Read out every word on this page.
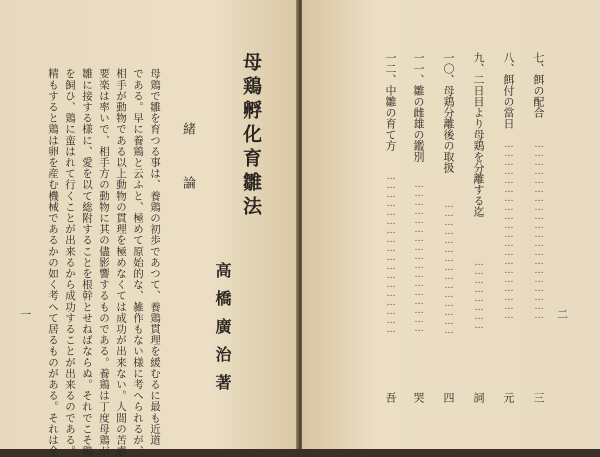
母鶏孵化育雛法
緒　論
高橋廣治著
母鶏で雛を育つる事は、養鶏の初歩であつて、養鶏貫理を緩むるに最も近道
である。早に養鶏と云ふと、極めて原始的な、雑作もない様に考へられるが、
相手が動物である以上動物の貫理を極めなくては成功が出来ない。人間の苦慮
要楽は率いで、相手方の動物に其の儘影響するものである。養鶏は丁度母鶏が
雛に接する様に、愛を以て総附することを根幹とせねばならぬ。それでこそ鶏
を飼ひ、鶏に蛮はれて行くことが出来るから成功することが出来るのである。
精もすると鶏は卵を産む機械であるかの如く考へて居るものがある。それは全
一	二
七、餌の配合
……………………………………………………
三
八、餌付の當日
……………………………………………………
元
九、二日目より母鶏を分離する迄
……………………
詞
一〇、母鶏分離後の取扱
………………………………………
四
一一、雛の雌雄の鑑別
……………………………………………
哭
一二、中雛の育て方
………………………………………………
吾
